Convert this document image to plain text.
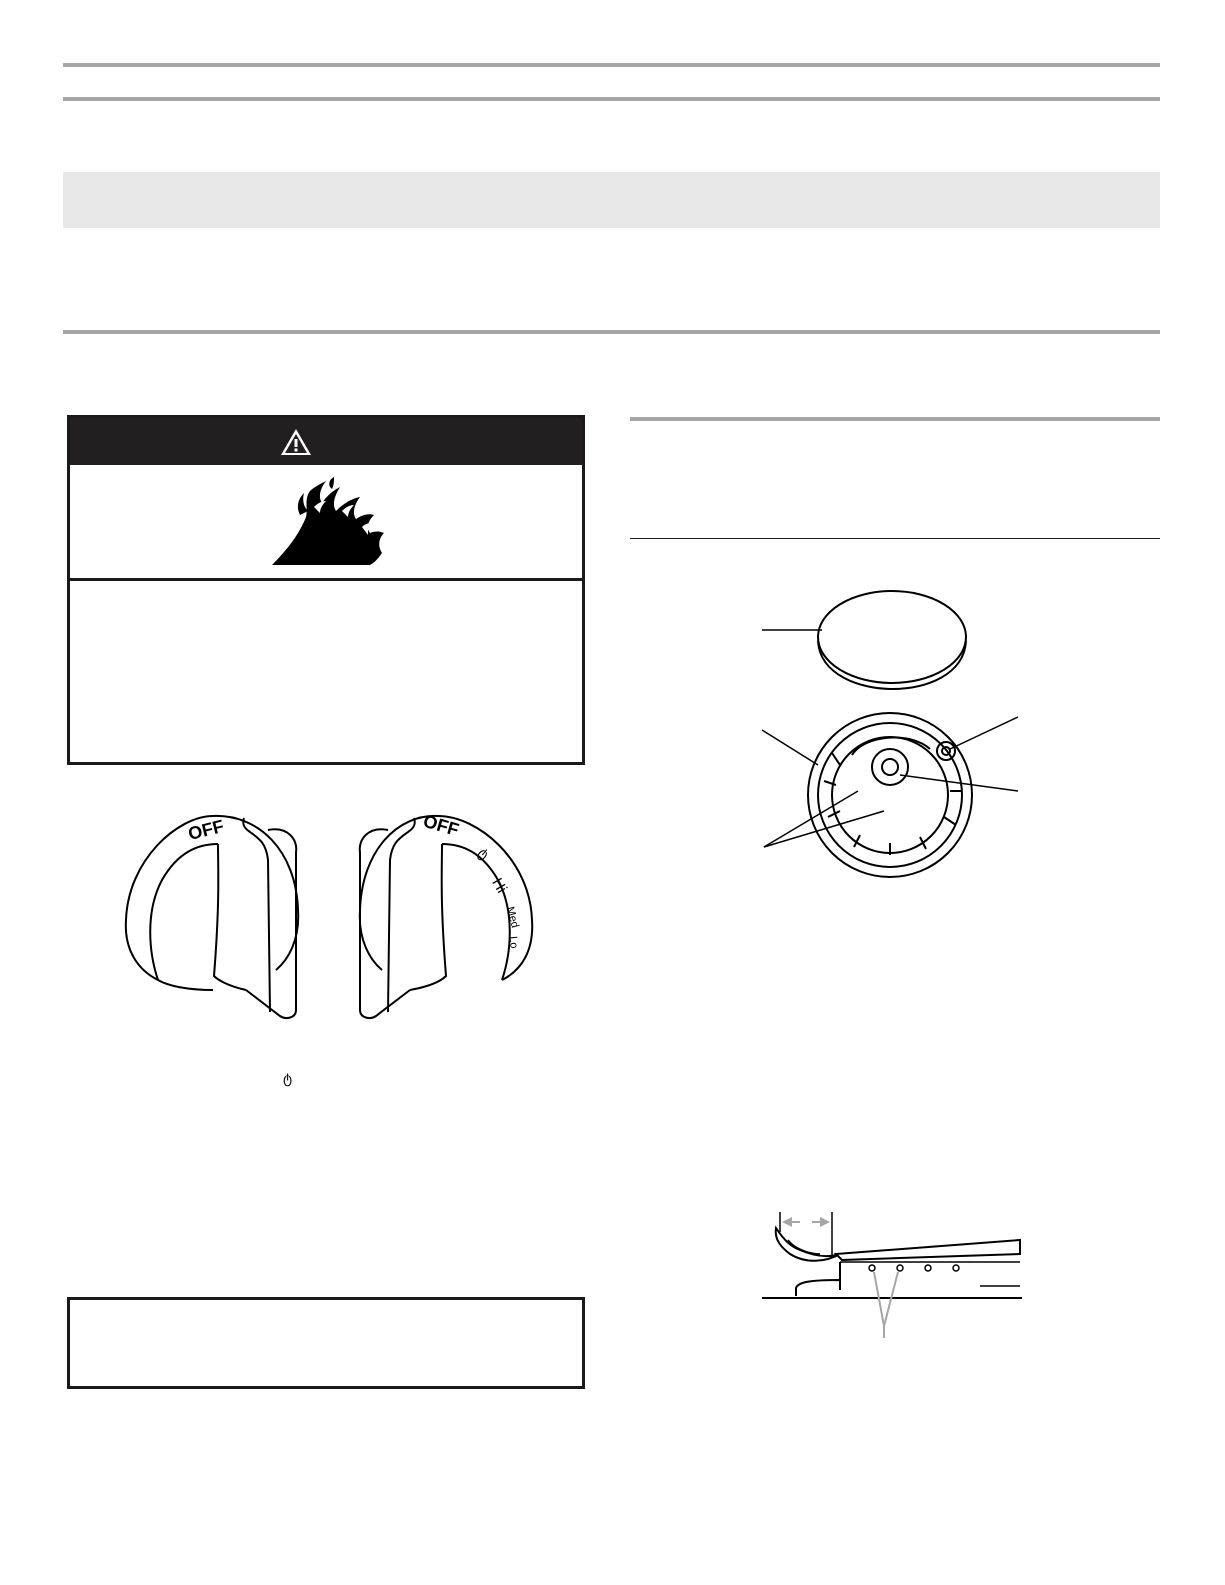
OFF	OFF
ტ
Hi
Med
Lo
ტ
